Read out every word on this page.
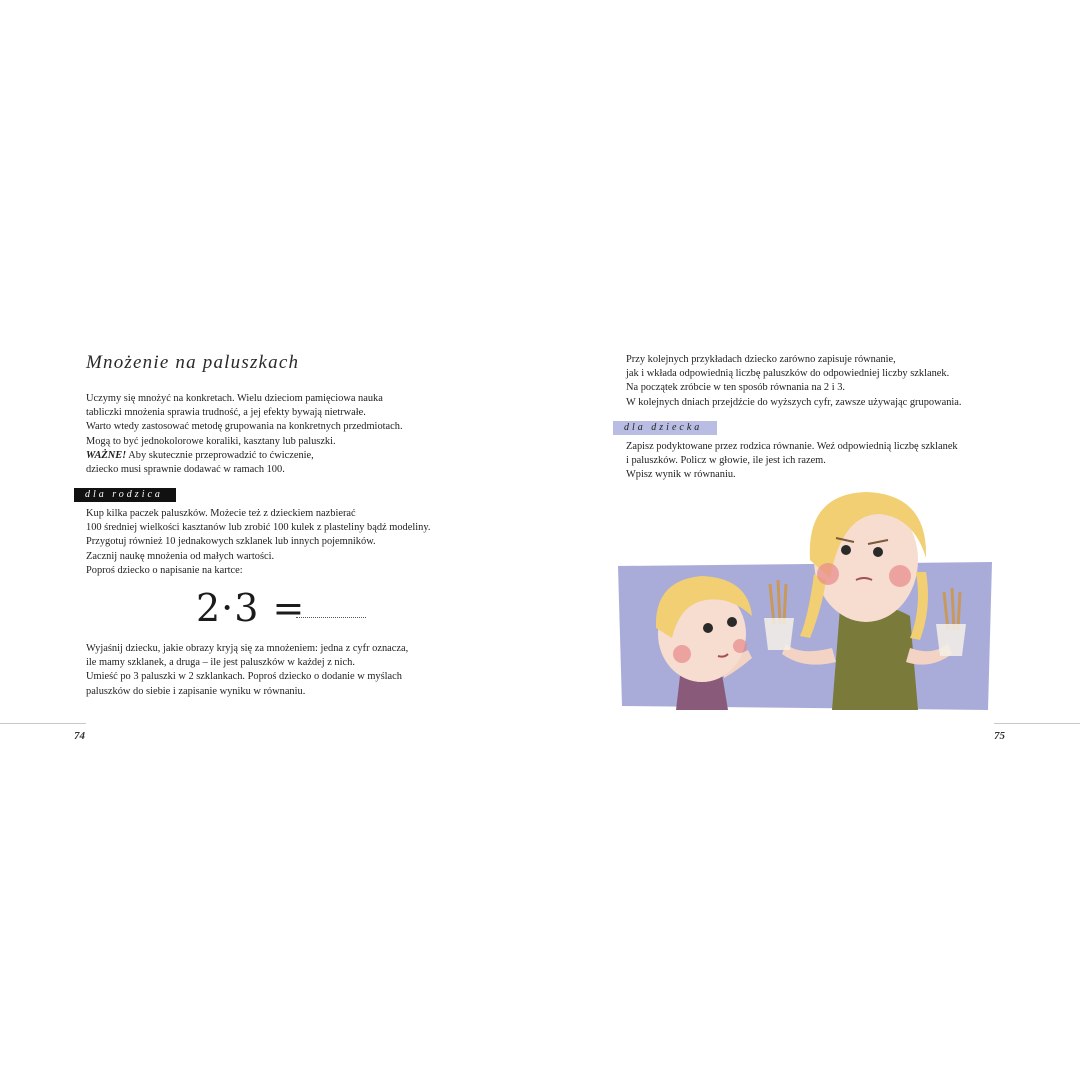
Mnożenie na paluszkach
Uczymy się mnożyć na konkretach. Wielu dzieciom pamięciowa nauka
tabliczki mnożenia sprawia trudność, a jej efekty bywają nietrwałe.
Warto wtedy zastosować metodę grupowania na konkretnych przedmiotach.
Mogą to być jednokolorowe koraliki, kasztany lub paluszki.
WAŻNE! Aby skutecznie przeprowadzić to ćwiczenie,
dziecko musi sprawnie dodawać w ramach 100.
dla rodzica
Kup kilka paczek paluszków. Możecie też z dzieckiem nazbierać
100 średniej wielkości kasztanów lub zrobić 100 kulek z plasteliny bądź modeliny.
Przygotuj również 10 jednakowych szklanek lub innych pojemników.
Zacznij naukę mnożenia od małych wartości.
Poproś dziecko o napisanie na kartce:
2·3 =
Wyjaśnij dziecku, jakie obrazy kryją się za mnożeniem: jedna z cyfr oznacza,
ile mamy szklanek, a druga – ile jest paluszków w każdej z nich.
Umieść po 3 paluszki w 2 szklankach. Poproś dziecko o dodanie w myślach
paluszków do siebie i zapisanie wyniku w równaniu.
74
Przy kolejnych przykładach dziecko zarówno zapisuje równanie,
jak i wkłada odpowiednią liczbę paluszków do odpowiedniej liczby szklanek.
Na początek zróbcie w ten sposób równania na 2 i 3.
W kolejnych dniach przejdźcie do wyższych cyfr, zawsze używając grupowania.
dla dziecka
Zapisz podyktowane przez rodzica równanie. Weź odpowiednią liczbę szklanek
i paluszków. Policz w głowie, ile jest ich razem.
Wpisz wynik w równaniu.
75
